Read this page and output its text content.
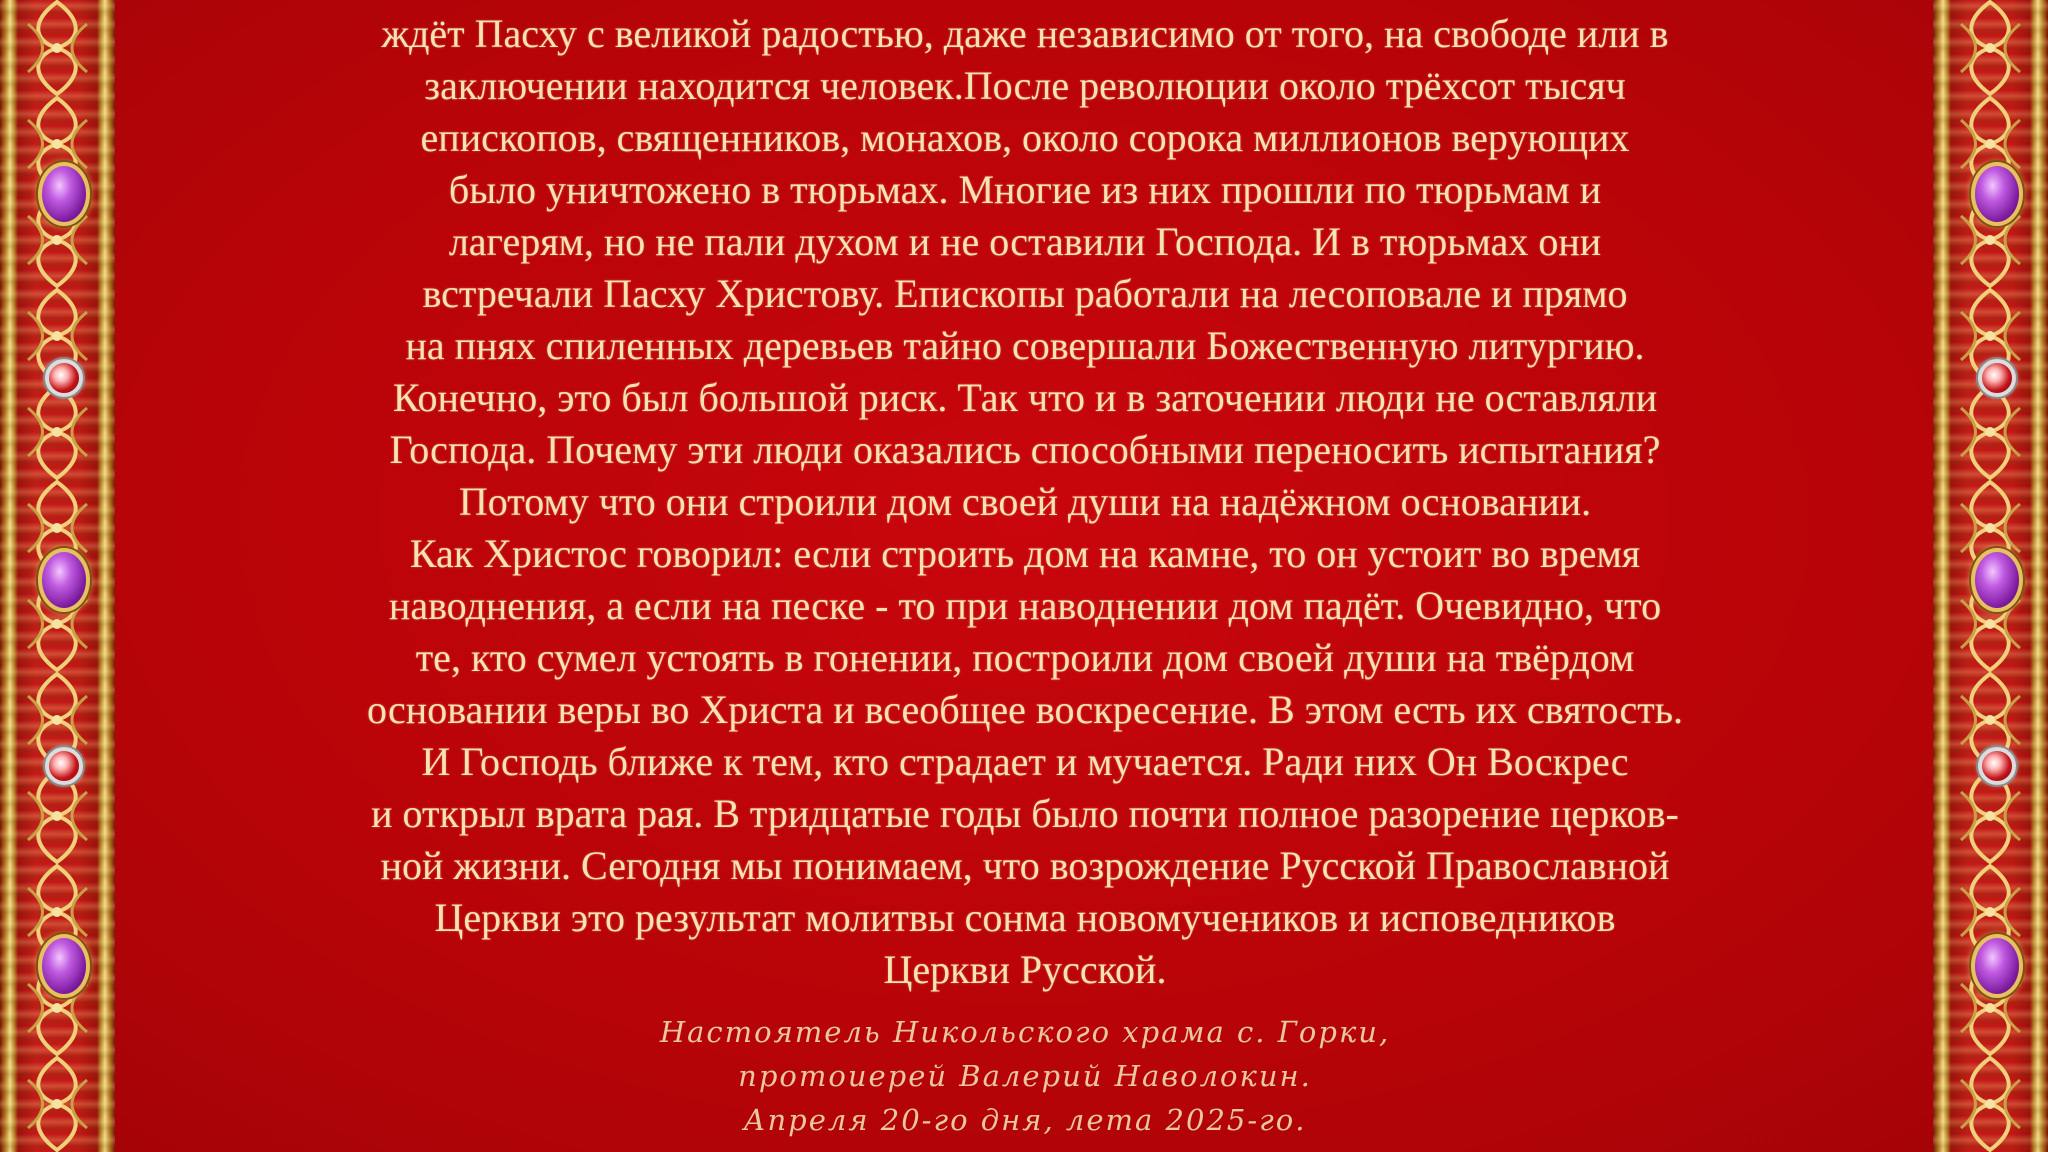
ждёт Пасху с великой радостью, даже независимо от того, на свободе или в
заключении находится человек.После революции около трёхсот тысяч
епископов, священников, монахов, около сорока миллионов верующих
было уничтожено в тюрьмах. Многие из них прошли по тюрьмам и
лагерям, но не пали духом и не оставили Господа. И в тюрьмах они
встречали Пасху Христову. Епископы работали на лесоповале и прямо
на пнях спиленных деревьев тайно совершали Божественную литургию.
Конечно, это был большой риск. Так что и в заточении люди не оставляли
Господа. Почему эти люди оказались способными переносить испытания?
Потому что они строили дом своей души на надёжном основании.
Как Христос говорил: если строить дом на камне, то он устоит во время
наводнения, а если на песке - то при наводнении дом падёт. Очевидно, что
те, кто сумел устоять в гонении, построили дом своей души на твёрдом
основании веры во Христа и всеобщее воскресение. В этом есть их святость.
И Господь ближе к тем, кто страдает и мучается. Ради них Он Воскрес
и открыл врата рая. В тридцатые годы было почти полное разорение церков-
ной жизни. Сегодня мы понимаем, что возрождение Русской Православной
Церкви это результат молитвы сонма новомучеников и исповедников
Церкви Русской.
Настоятель Никольского храма с. Горки,
протоиерей Валерий Наволокин.
Апреля 20-го дня, лета 2025-го.
